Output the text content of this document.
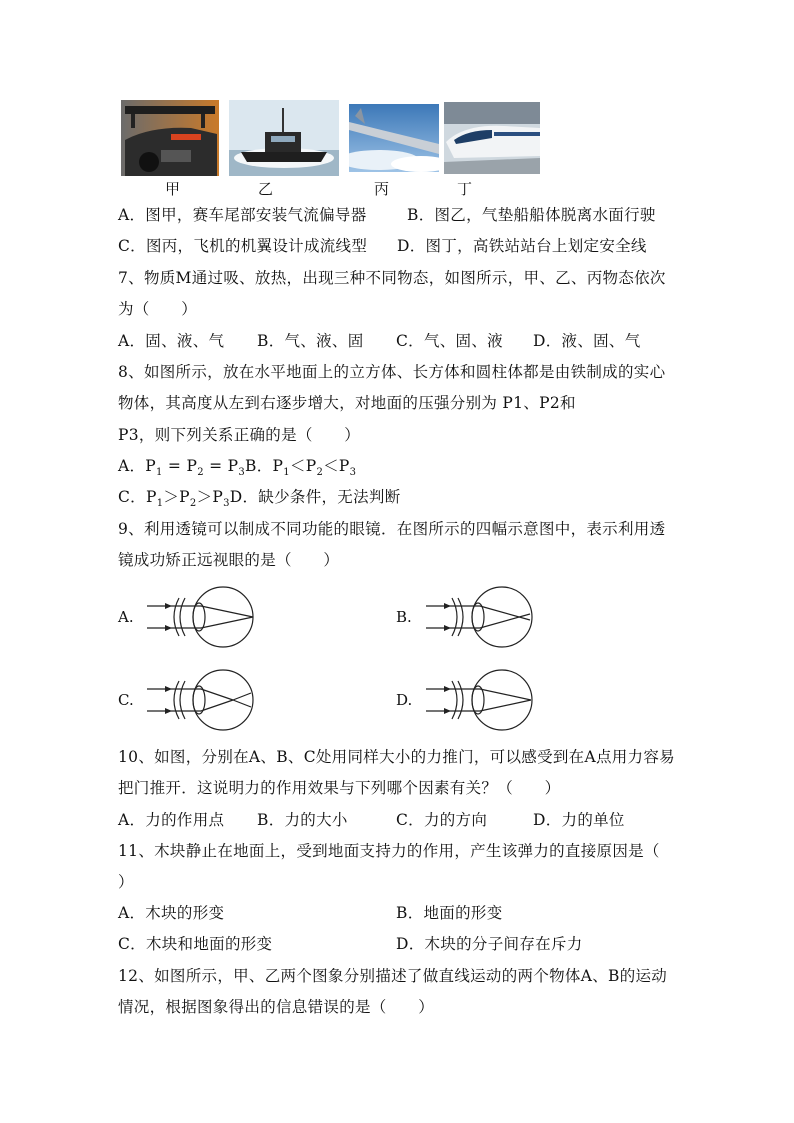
甲	乙	丙	丁
A．图甲，赛车尾部安装气流偏导器	B．图乙，气垫船船体脱离水面行驶
C．图丙，飞机的机翼设计成流线型 D．图丁，高铁站站台上划定安全线
7、物质M通过吸、放热，出现三种不同物态，如图所示，甲、乙、丙物态依次
为（　　）
A．固、液、气 B．气、液、固 C．气、固、液 D．液、固、气
8、如图所示，放在水平地面上的立方体、长方体和圆柱体都是由铁制成的实心
物体，其高度从左到右逐步增大，对地面的压强分别为 P1、P2和
P3，则下列关系正确的是（　　）
A．$P_1 = P_2 = P_3B$．$P_1<P_2<P_3$
C．$P_1>P_2>P_3D$．缺少条件，无法判断
9、利用透镜可以制成不同功能的眼镜．在图所示的四幅示意图中，表示利用透
镜成功矫正远视眼的是（　　）
A.	B.
C.	D.
10、如图，分别在A、B、C处用同样大小的力推门，可以感受到在A点用力容易
把门推开．这说明力的作用效果与下列哪个因素有关？（　　）
A．力的作用点 B．力的大小	C．力的方向	D．力的单位
11、木块静止在地面上，受到地面支持力的作用，产生该弹力的直接原因是（
）
A．木块的形变	B．地面的形变
C．木块和地面的形变	D．木块的分子间存在斥力
12、如图所示，甲、乙两个图象分别描述了做直线运动的两个物体A、B的运动
情况，根据图象得出的信息错误的是（　　）
